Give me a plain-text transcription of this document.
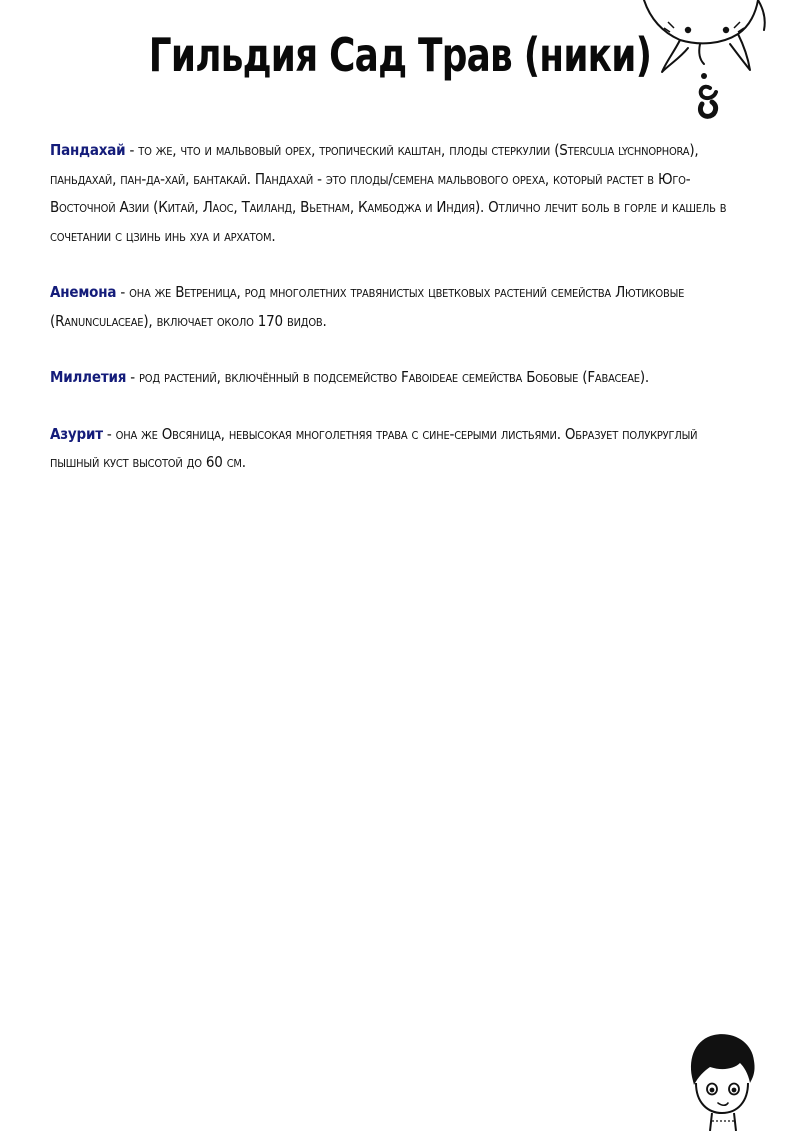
Гильдия Сад Трав (ники)

Пандахай - то же, что и мальвовый орех, тропический каштан, плоды стеркулии (Sterculia lychnophora), паньдахай, пан-да-хай, бантакай. Пандахай - это плоды/семена мальвового ореха, который растет в Юго-Восточной Азии (Китай, Лаос, Таиланд, Вьетнам, Камбоджа и Индия). Отлично лечит боль в горле и кашель в сочетании с цзинь инь хуа и архатом.

Анемона - она же Ветреница, род многолетних травянистых цветковых растений семейства Лютиковые (Ranunculaceae), включает около 170 видов.

Миллетия - род растений, включённый в подсемейство Faboideae семейства Бобовые (Fabaceae).

Азурит - она же Овсяница, невысокая многолетняя трава с сине-серыми листьями. Образует полукруглый пышный куст высотой до 60 см.
